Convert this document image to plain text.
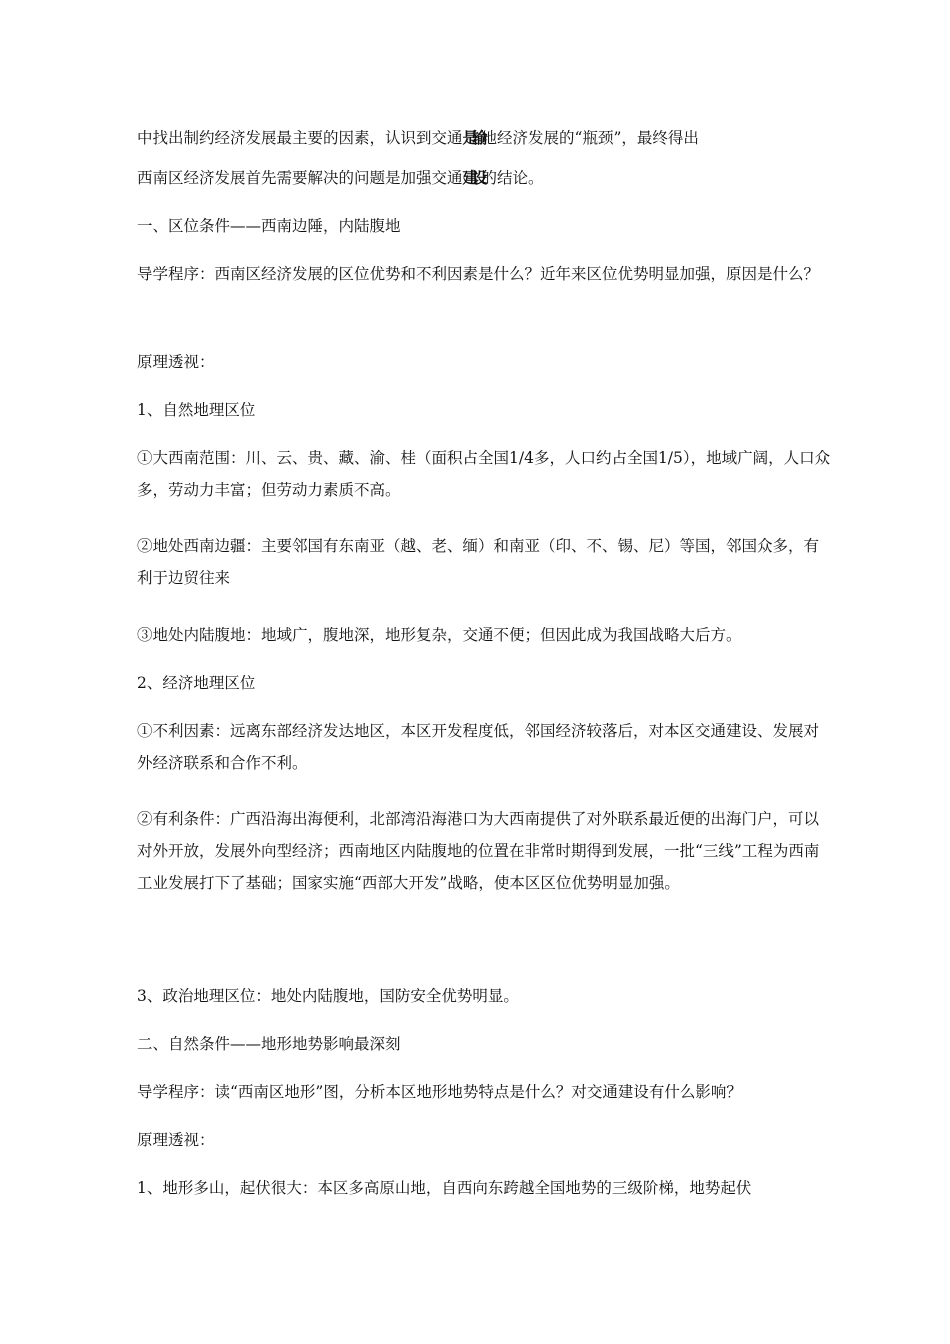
中找出制约经济发展最主要的因素，认识到交通是输地经济发展的“瓶颈”，最终得出
西南区经济发展首先需要解决的问题是加强交通建设的结论。
一、区位条件——西南边陲，内陆腹地
导学程序：西南区经济发展的区位优势和不利因素是什么？近年来区位优势明显加强，原因是什么？
原理透视：
1、自然地理区位
①大西南范围：川、云、贵、藏、渝、桂（面积占全国1/4多，人口约占全国1/5），地域广阔，人口众多，劳动力丰富；但劳动力素质不高。
②地处西南边疆：主要邻国有东南亚（越、老、缅）和南亚（印、不、锡、尼）等国，邻国众多，有利于边贸往来
③地处内陆腹地：地域广，腹地深，地形复杂，交通不便；但因此成为我国战略大后方。
2、经济地理区位
①不利因素：远离东部经济发达地区，本区开发程度低，邻国经济较落后，对本区交通建设、发展对外经济联系和合作不利。
②有利条件：广西沿海出海便利，北部湾沿海港口为大西南提供了对外联系最近便的出海门户，可以对外开放，发展外向型经济；西南地区内陆腹地的位置在非常时期得到发展，一批“三线”工程为西南工业发展打下了基础；国家实施“西部大开发”战略，使本区区位优势明显加强。
3、政治地理区位：地处内陆腹地，国防安全优势明显。
二、自然条件——地形地势影响最深刻
导学程序：读“西南区地形”图，分析本区地形地势特点是什么？对交通建设有什么影响？
原理透视：
1、地形多山，起伏很大：本区多高原山地，自西向东跨越全国地势的三级阶梯，地势起伏
